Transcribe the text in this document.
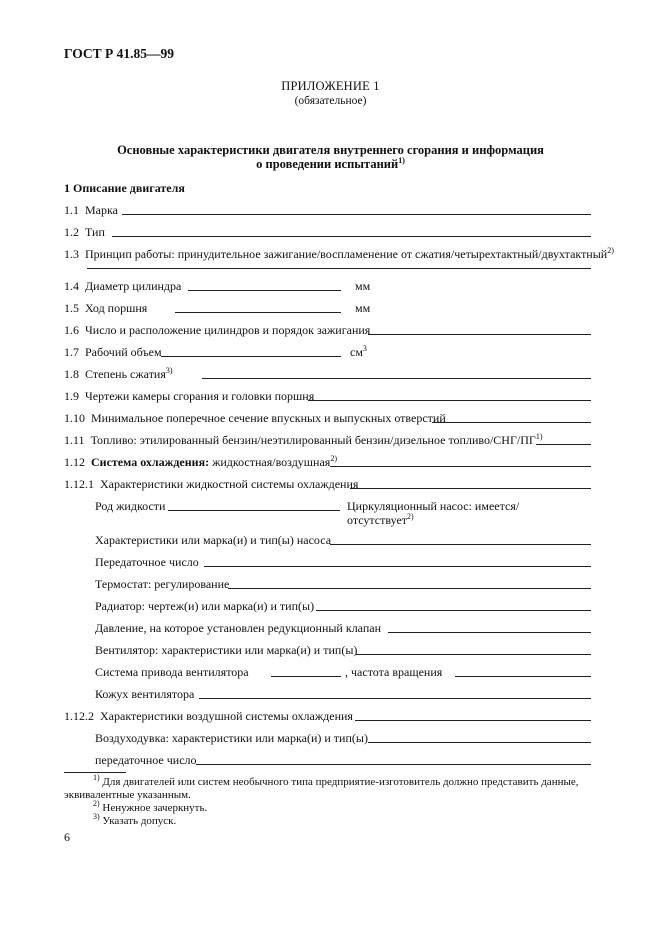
ГОСТ Р 41.85—99
ПРИЛОЖЕНИЕ 1
(обязательное)
Основные характеристики двигателя внутреннего сгорания и информация
о проведении испытаний$^{1)}$
1 Описание двигателя
1.1 Марка
1.2 Тип
1.3 Принцип работы: принудительное зажигание/воспламенение от сжатия/четырехтактный/двухтактный$^{2)}$
1.4 Диаметр цилиндра	мм
1.5 Ход поршня	мм
1.6 Число и расположение цилиндров и порядок зажигания
1.7 Рабочий объем	$см^3$
1.8 Степень сжатия$^{3)}$
1.9 Чертежи камеры сгорания и головки поршня
1.10 Минимальное поперечное сечение впускных и выпускных отверстий
1.11 Топливо: этилированный бензин/неэтилированный бензин/дизельное топливо/СНГ/ПГ$^{1)}$
1.12 Система охлаждения: жидкостная/воздушная$^{2)}$
1.12.1 Характеристики жидкостной системы охлаждения
Род жидкости	Циркуляционный насос: имеется/
отсутствует$^{2)}$
Характеристики или марка(и) и тип(ы) насоса
Передаточное число
Термостат: регулирование
Радиатор: чертеж(и) или марка(и) и тип(ы)
Давление, на которое установлен редукционный клапан
Вентилятор: характеристики или марка(и) и тип(ы)
Система привода вентилятора	, частота вращения
Кожух вентилятора
1.12.2 Характеристики воздушной системы охлаждения
Воздуходувка: характеристики или марка(и) и тип(ы)
передаточное число
$^{1)}$ Для двигателей или систем необычного типа предприятие-изготовитель должно представить данные,
эквивалентные указанным.
$^{2)}$ Ненужное зачеркнуть.
$^{3)}$ Указать допуск.
6
